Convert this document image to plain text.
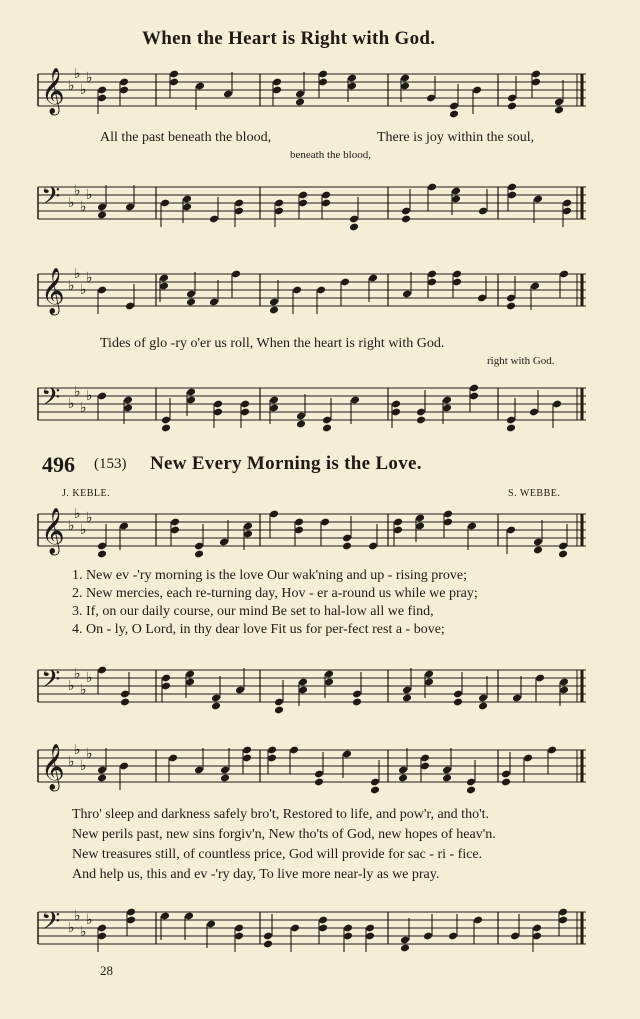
When the Heart is Right with God.
𝄞 ♭
♭
♭
♭
All the past beneath the blood,	There is joy within the soul,
beneath the blood,
𝄢 ♭
♭
♭
♭
𝄞 ♭
♭
♭
♭
Tides of glo -ry o'er us roll, When the heart is right with God.
right with God.
𝄢 ♭
♭
♭
♭
496 (153) New Every Morning is the Love.
J. KEBLE.	S. WEBBE.
𝄞 ♭
♭
♭
♭
1. New ev -'ry morning is the love Our wak'ning and up - rising prove;
2. New mercies, each re-turning day, Hov - er a-round us while we pray;
3. If, on our daily course, our mind Be set to hal-low all we find,
4. On - ly, O Lord, in thy dear love Fit us for per-fect rest a - bove;
𝄢 ♭
♭
♭
♭
𝄞 ♭
♭
♭
♭
Thro' sleep and darkness safely bro't, Restored to life, and pow'r, and tho't.
New perils past, new sins forgiv'n, New tho'ts of God, new hopes of heav'n.
New treasures still, of countless price, God will provide for sac - ri - fice.
And help us, this and ev -'ry day, To live more near-ly as we pray.
𝄢 ♭
♭
♭
♭
28
